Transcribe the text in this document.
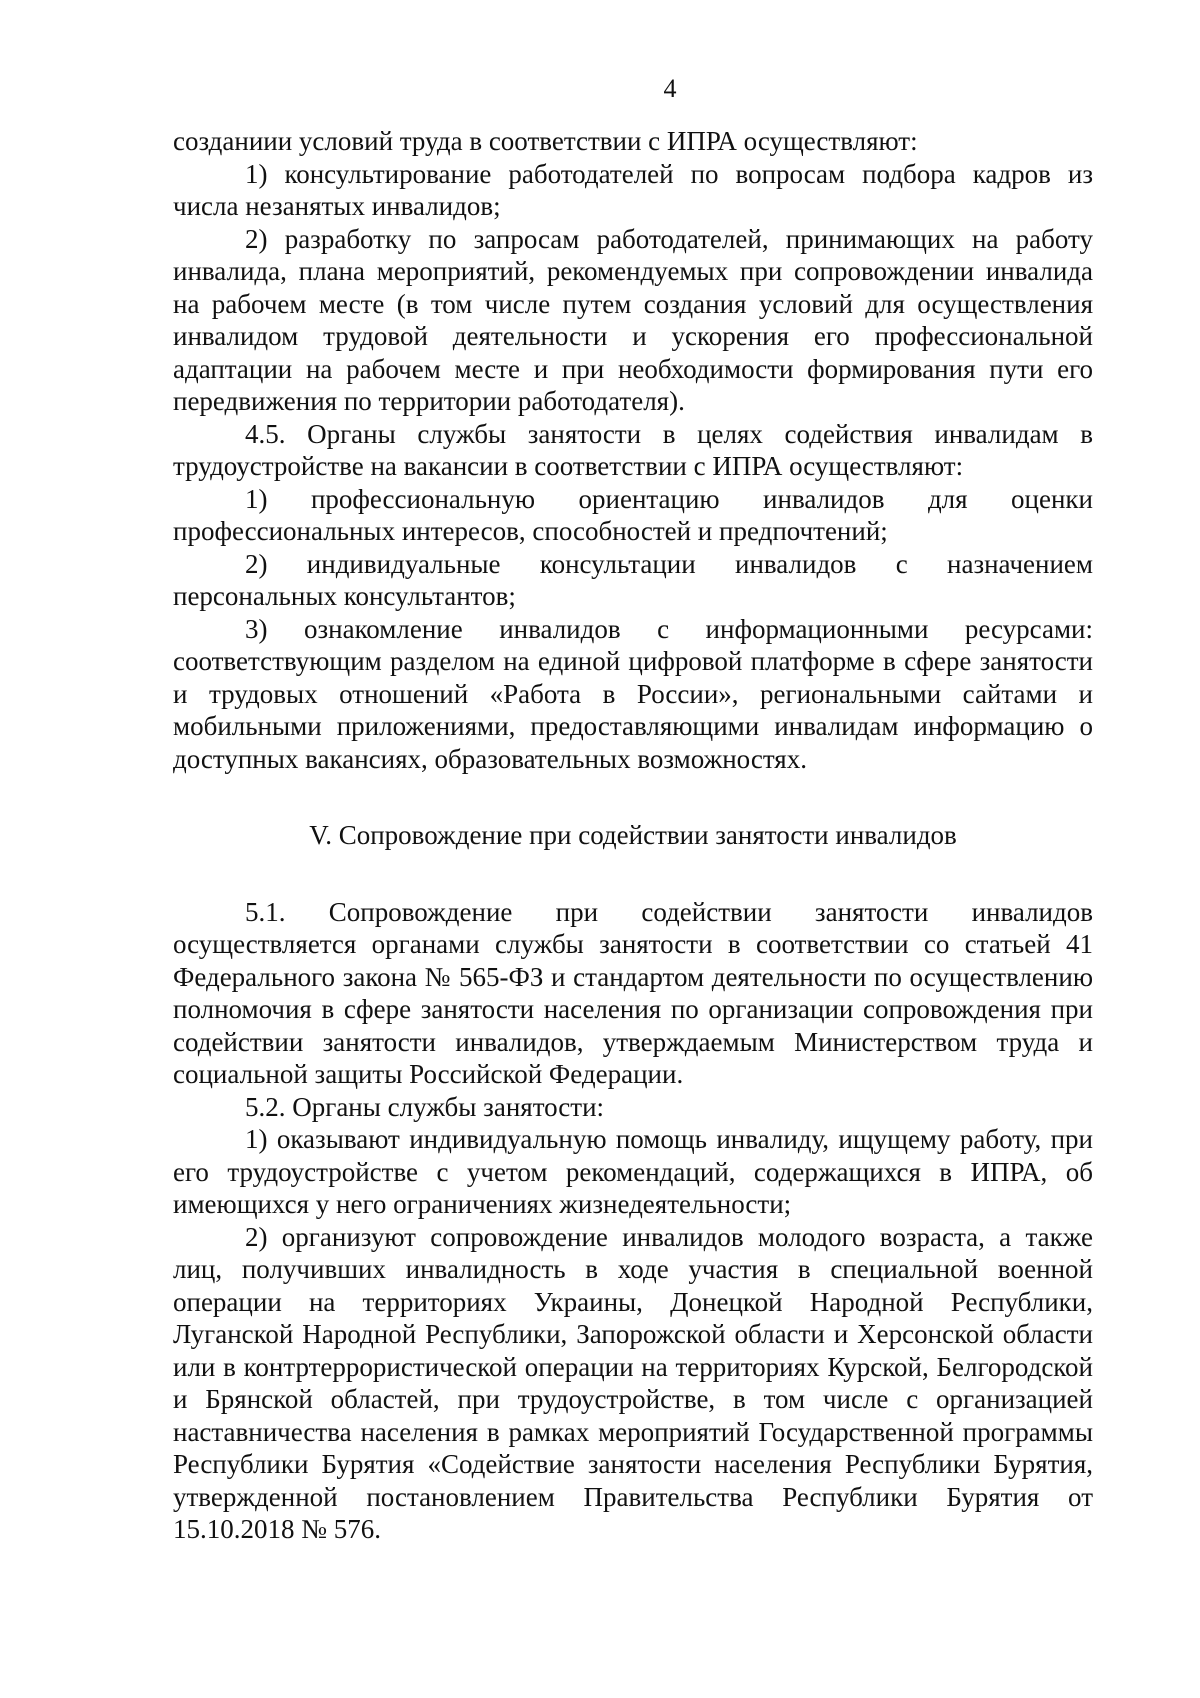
4

созданиии условий труда в соответствии с ИПРА осуществляют:

1) консультирование работодателей по вопросам подбора кадров из числа незанятых инвалидов;

2) разработку по запросам работодателей, принимающих на работу инвалида, плана мероприятий, рекомендуемых при сопровождении инвалида на рабочем месте (в том числе путем создания условий для осуществления инвалидом трудовой деятельности и ускорения его профессиональной адаптации на рабочем месте и при необходимости формирования пути его передвижения по территории работодателя).

4.5. Органы службы занятости в целях содействия инвалидам в трудоустройстве на вакансии в соответствии с ИПРА осуществляют:

1) профессиональную ориентацию инвалидов для оценки профессиональных интересов, способностей и предпочтений;

2) индивидуальные консультации инвалидов с назначением персональных консультантов;

3) ознакомление инвалидов с информационными ресурсами: соответствующим разделом на единой цифровой платформе в сфере занятости и трудовых отношений «Работа в России», региональными сайтами и мобильными приложениями, предоставляющими инвалидам информацию о доступных вакансиях, образовательных возможностях.

V. Сопровождение при содействии занятости инвалидов

5.1. Сопровождение при содействии занятости инвалидов осуществляется органами службы занятости в соответствии со статьей 41 Федерального закона № 565-ФЗ и стандартом деятельности по осуществлению полномочия в сфере занятости населения по организации сопровождения при содействии занятости инвалидов, утверждаемым Министерством труда и социальной защиты Российской Федерации.

5.2. Органы службы занятости:

1) оказывают индивидуальную помощь инвалиду, ищущему работу, при его трудоустройстве с учетом рекомендаций, содержащихся в ИПРА, об имеющихся у него ограничениях жизнедеятельности;

2) организуют сопровождение инвалидов молодого возраста, а также лиц, получивших инвалидность в ходе участия в специальной военной операции на территориях Украины, Донецкой Народной Республики, Луганской Народной Республики, Запорожской области и Херсонской области или в контртеррористической операции на территориях Курской, Белгородской и Брянской областей, при трудоустройстве, в том числе с организацией наставничества населения в рамках мероприятий Государственной программы Республики Бурятия «Содействие занятости населения Республики Бурятия, утвержденной постановлением Правительства Республики Бурятия от 15.10.2018 № 576.
